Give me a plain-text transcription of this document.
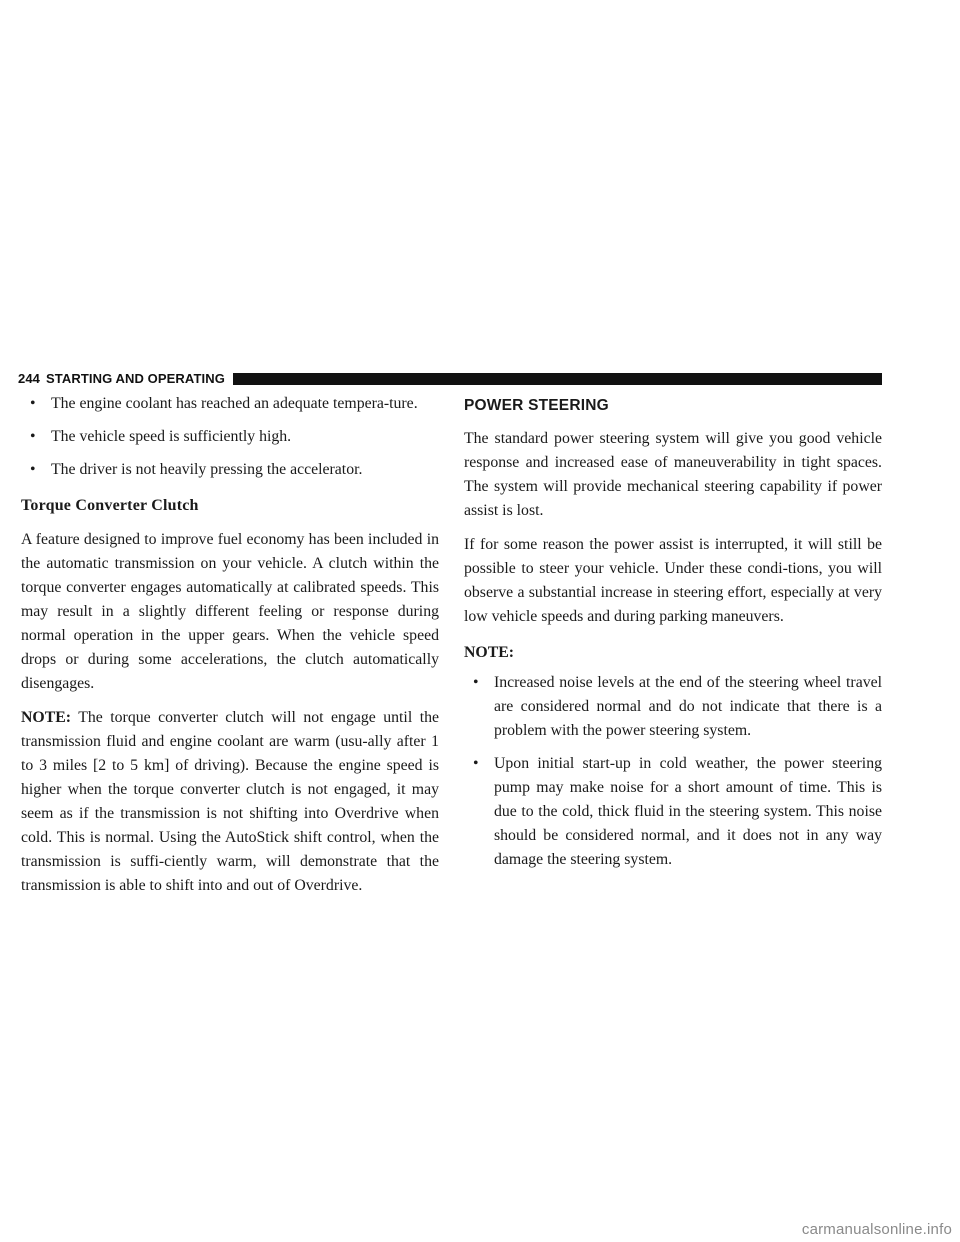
244 STARTING AND OPERATING
• The engine coolant has reached an adequate tempera-ture.
• The vehicle speed is sufficiently high.
• The driver is not heavily pressing the accelerator.
Torque Converter Clutch

A feature designed to improve fuel economy has been included in the automatic transmission on your vehicle. A clutch within the torque converter engages automatically at calibrated speeds. This may result in a slightly different feeling or response during normal operation in the upper gears. When the vehicle speed drops or during some accelerations, the clutch automatically disengages.

NOTE: The torque converter clutch will not engage until the transmission fluid and engine coolant are warm (usu-ally after 1 to 3 miles [2 to 5 km] of driving). Because the engine speed is higher when the torque converter clutch is not engaged, it may seem as if the transmission is not shifting into Overdrive when cold. This is normal. Using the AutoStick shift control, when the transmission is suffi-ciently warm, will demonstrate that the transmission is able to shift into and out of Overdrive.

POWER STEERING

The standard power steering system will give you good vehicle response and increased ease of maneuverability in tight spaces. The system will provide mechanical steering capability if power assist is lost.

If for some reason the power assist is interrupted, it will still be possible to steer your vehicle. Under these condi-tions, you will observe a substantial increase in steering effort, especially at very low vehicle speeds and during parking maneuvers.

NOTE:
• Increased noise levels at the end of the steering wheel travel are considered normal and do not indicate that there is a problem with the power steering system.
• Upon initial start-up in cold weather, the power steering pump may make noise for a short amount of time. This is due to the cold, thick fluid in the steering system. This noise should be considered normal, and it does not in any way damage the steering system.
carmanualsonline.info
